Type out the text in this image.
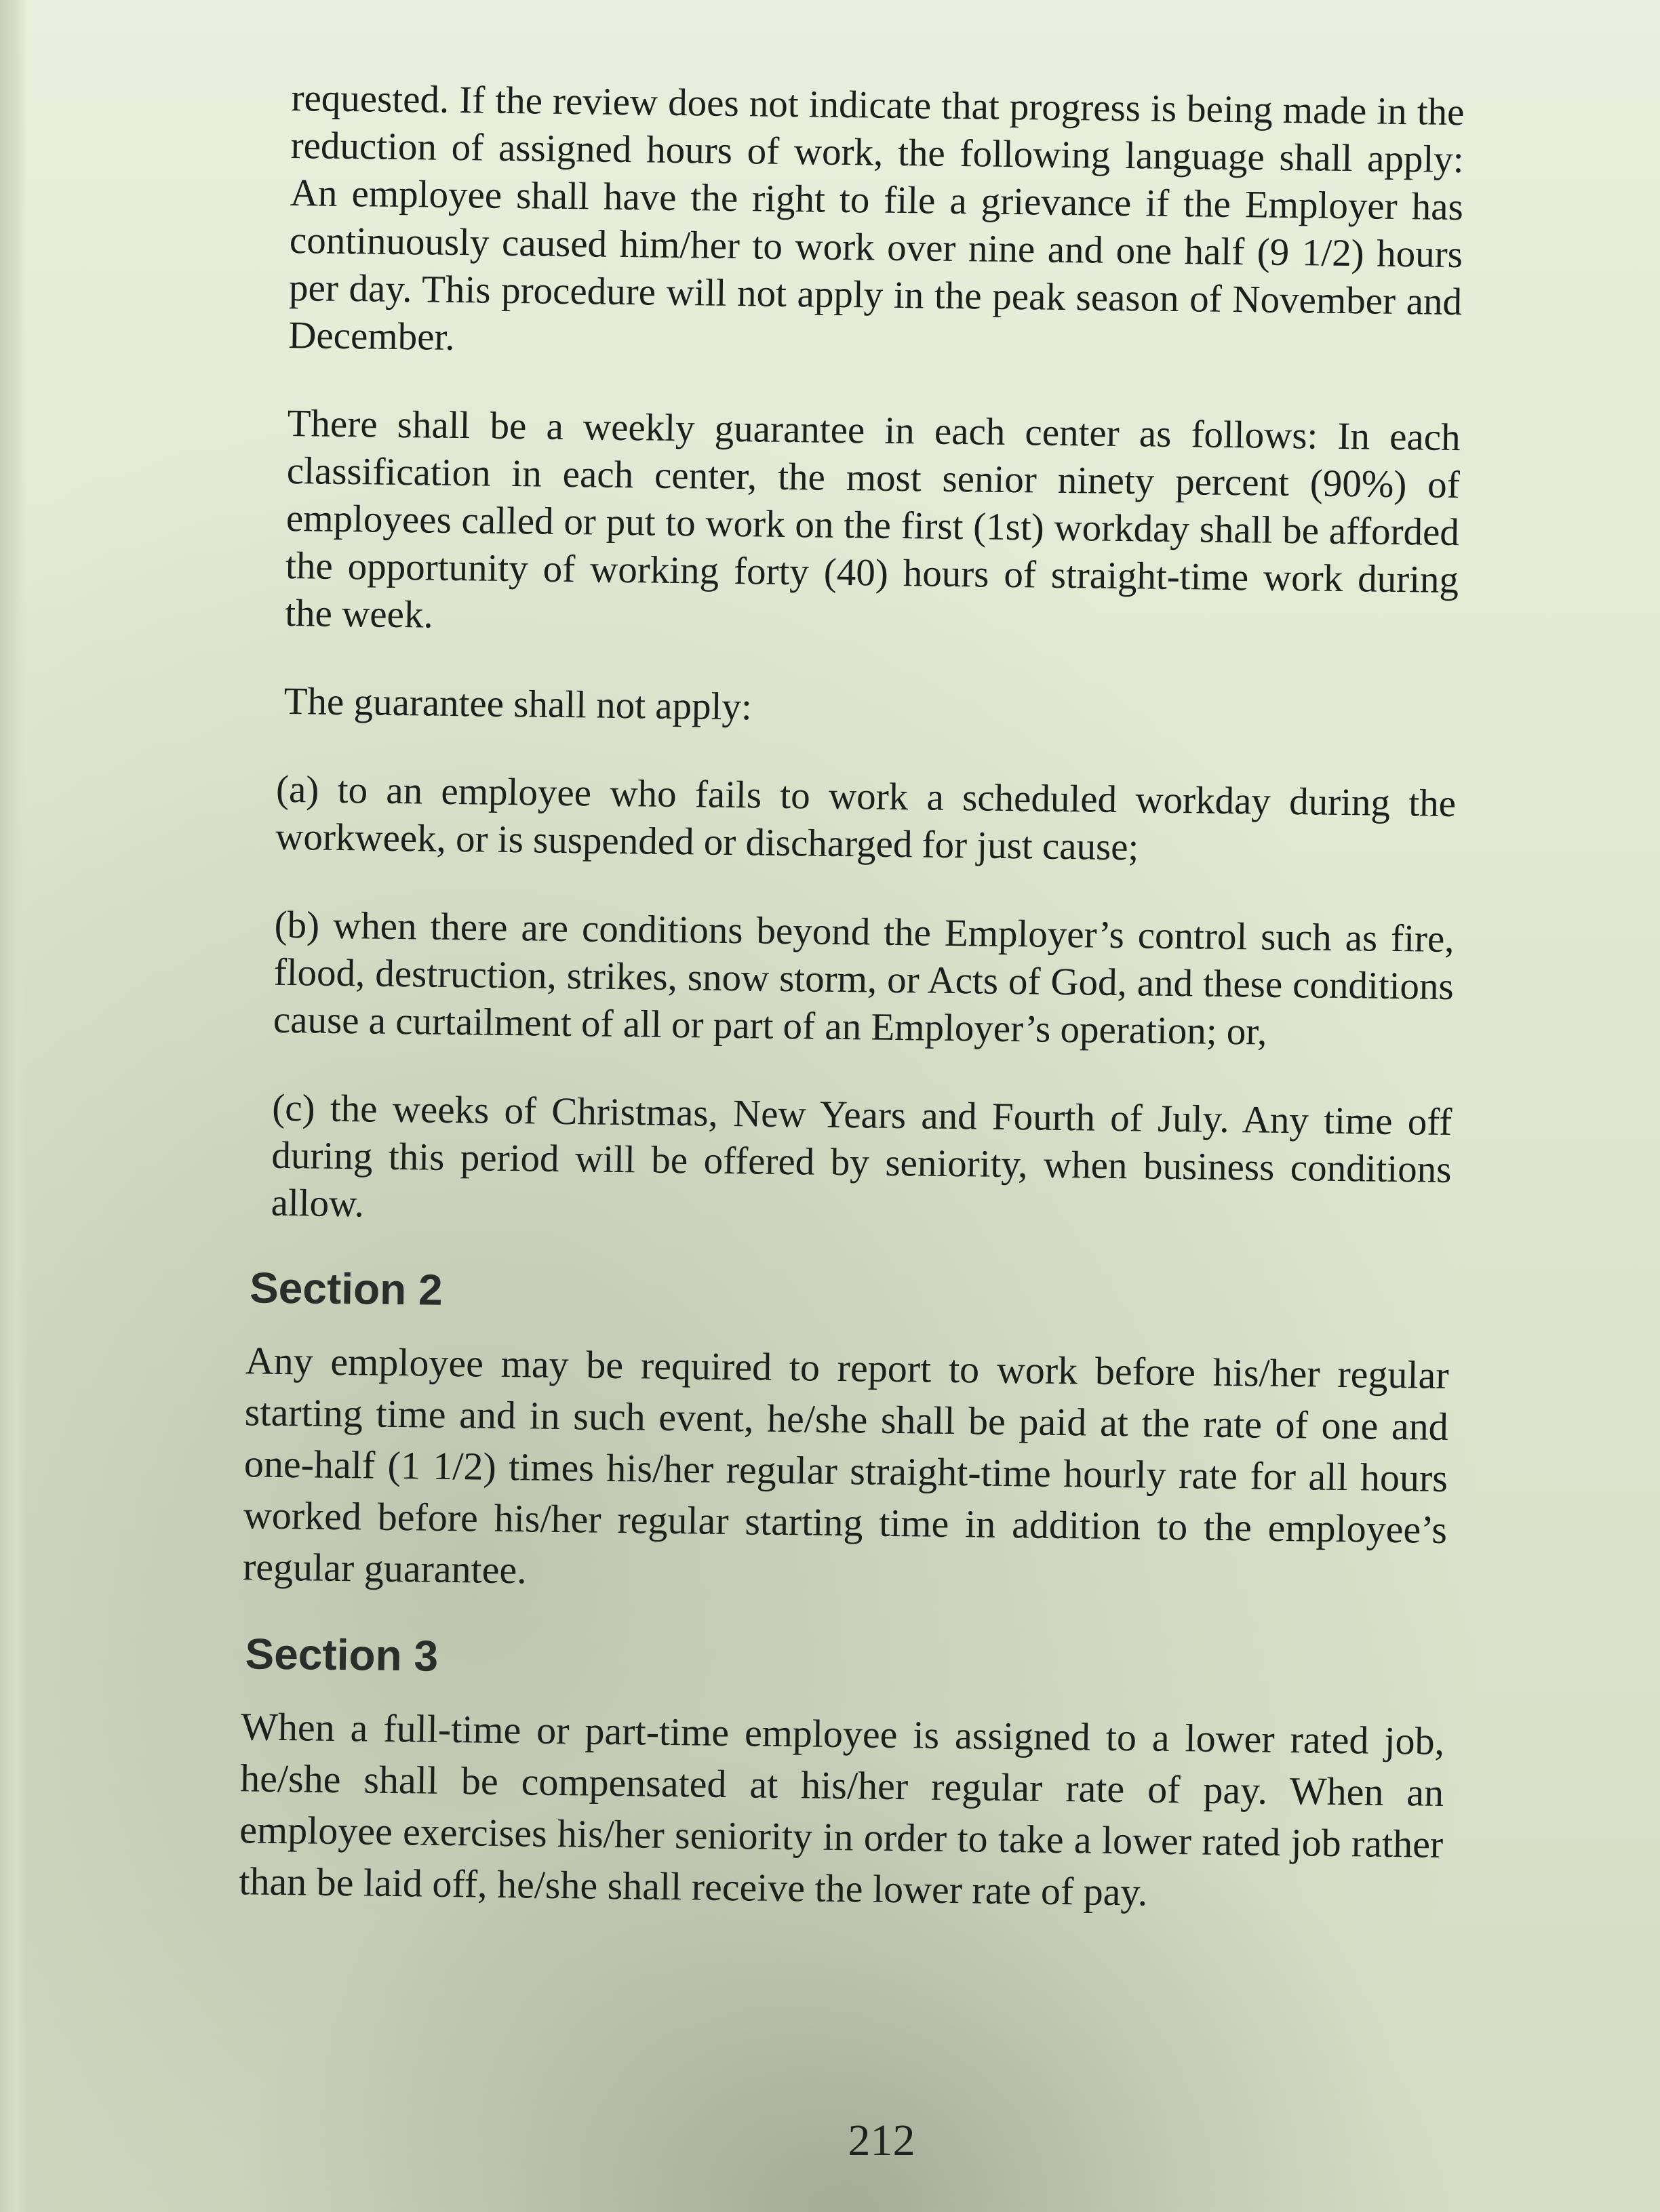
requested. If the review does not indicate that progress is being made in the reduction of assigned hours of work, the following language shall apply: An employee shall have the right to file a grievance if the Employer has continuously caused him/her to work over nine and one half (9 1/2) hours per day. This procedure will not apply in the peak season of November and December.

There shall be a weekly guarantee in each center as follows: In each classification in each center, the most senior ninety percent (90%) of employees called or put to work on the first (1st) workday shall be afforded the opportunity of working forty (40) hours of straight-time work during the week.

The guarantee shall not apply:

(a) to an employee who fails to work a scheduled workday during the workweek, or is suspended or discharged for just cause;

(b) when there are conditions beyond the Employer’s control such as fire, flood, destruction, strikes, snow storm, or Acts of God, and these conditions cause a curtailment of all or part of an Employer’s operation; or,

(c) the weeks of Christmas, New Years and Fourth of July. Any time off during this period will be offered by seniority, when business conditions allow.

Section 2

Any employee may be required to report to work before his/her regular starting time and in such event, he/she shall be paid at the rate of one and one-half (1 1/2) times his/her regular straight-time hourly rate for all hours worked before his/her regular starting time in addition to the employee’s regular guarantee.

Section 3

When a full-time or part-time employee is assigned to a lower rated job, he/she shall be compensated at his/her regular rate of pay. When an employee exercises his/her seniority in order to take a lower rated job rather than be laid off, he/she shall receive the lower rate of pay.

212
